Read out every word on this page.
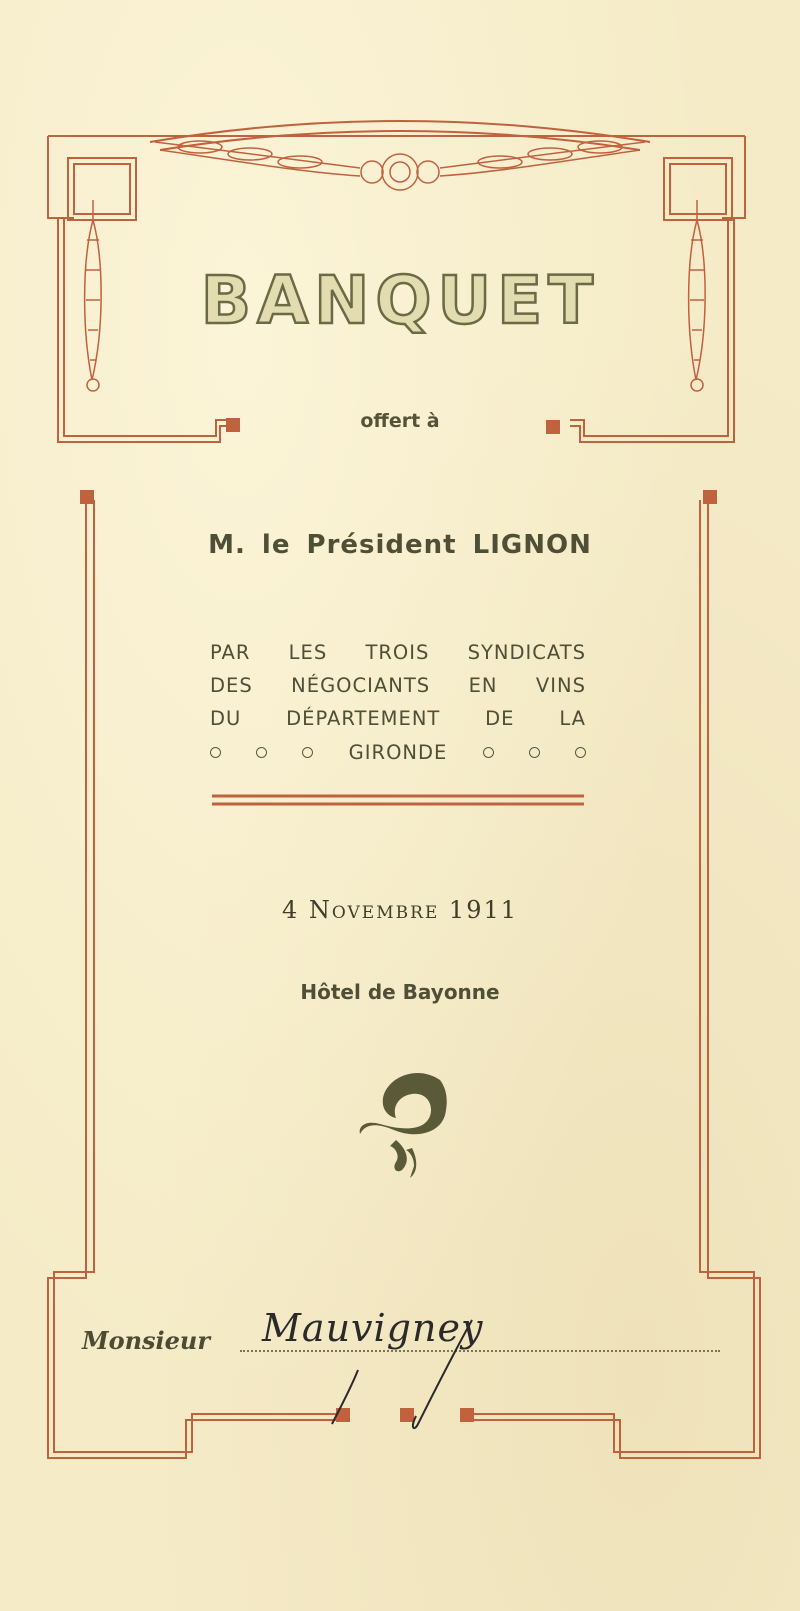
BANQUET
offert à
M. le Président LIGNON
PAR LES TROIS SYNDICATS
DES NÉGOCIANTS EN VINS
DU DÉPARTEMENT DE LA
GIRONDE
4 Novembre 1911
Hôtel de Bayonne
Monsieur Mauvigney
